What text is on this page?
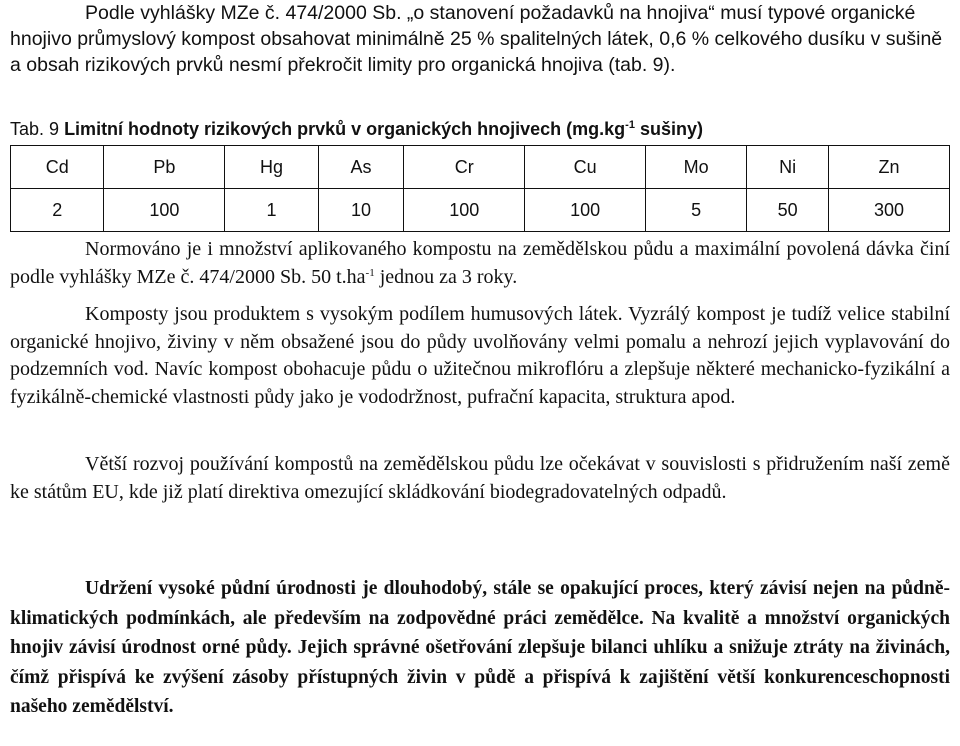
Podle vyhlášky MZe č. 474/2000 Sb. „o stanovení požadavků na hnojiva“ musí typové organické hnojivo průmyslový kompost obsahovat minimálně 25 % spalitelných látek, 0,6 % celkového dusíku v sušině a obsah rizikových prvků nesmí překročit limity pro organická hnojiva (tab. 9).

Tab. 9 Limitní hodnoty rizikových prvků v organických hnojivech ($mg.kg^{-1}$ sušiny)
Cd	Pb	Hg	As	Cr	Cu	Mo	Ni	Zn
2	100	1	10	100	100	5	50	300

Normováno je i množství aplikovaného kompostu na zemědělskou půdu a maximální povolená dávka činí podle vyhlášky MZe č. 474/2000 Sb. 50 $t.ha^{-1}$ jednou za 3 roky.

Komposty jsou produktem s vysokým podílem humusových látek. Vyzrálý kompost je tudíž velice stabilní organické hnojivo, živiny v něm obsažené jsou do půdy uvolňovány velmi pomalu a nehrozí jejich vyplavování do podzemních vod. Navíc kompost obohacuje půdu o užitečnou mikroflóru a zlepšuje některé mechanicko-fyzikální a fyzikálně-chemické vlastnosti půdy jako je vododržnost, pufrační kapacita, struktura apod.

Větší rozvoj používání kompostů na zemědělskou půdu lze očekávat v souvislosti s přidružením naší země ke státům EU, kde již platí direktiva omezující skládkování biodegradovatelných odpadů.

Udržení vysoké půdní úrodnosti je dlouhodobý, stále se opakující proces, který závisí nejen na půdně-klimatických podmínkách, ale především na zodpovědné práci zemědělce. Na kvalitě a množství organických hnojiv závisí úrodnost orné půdy. Jejich správné ošetřování zlepšuje bilanci uhlíku a snižuje ztráty na živinách, čímž přispívá ke zvýšení zásoby přístupných živin v půdě a přispívá k zajištění větší konkurenceschopnosti našeho zemědělství.
